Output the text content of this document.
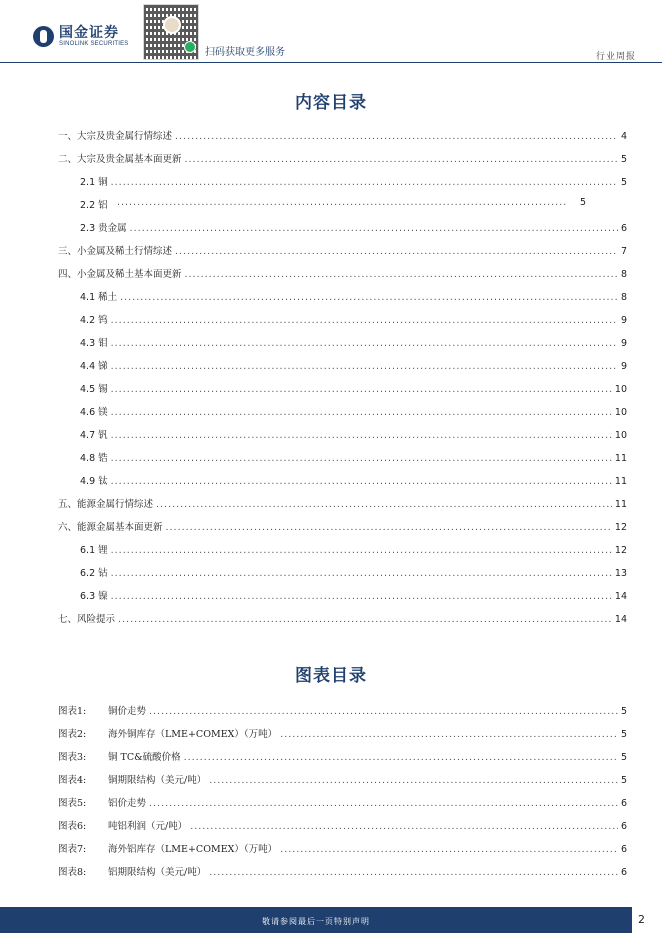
国金证券
SINOLINK SECURITIES
扫码获取更多服务	行业周报
内容目录
一、大宗及贵金属行情综述 .....	4
二、大宗及贵金属基本面更新 .....	5
2.1 铜 .....	5
2.2 铝 .....	5
2.3 贵金属 .....	6
三、小金属及稀土行情综述 .....	7
四、小金属及稀土基本面更新 .....	8
4.1 稀土 .....	8
4.2 钨 .....	9
4.3 钼 .....	9
4.4 锑 .....	9
4.5 锡 .....	10
4.6 镁 .....	10
4.7 钒 .....	10
4.8 锆 .....	11
4.9 钛 .....	11
五、能源金属行情综述 .....	11
六、能源金属基本面更新 .....	12
6.1 锂 .....	12
6.2 钴 .....	13
6.3 镍 .....	14
七、风险提示 .....	14
图表目录
图表1:	铜价走势 .....	5
图表2:	海外铜库存（LME+COMEX）（万吨） .....	5
图表3:	铜 TC&硫酸价格 .....	5
图表4:	铜期限结构（美元/吨） .....	5
图表5:	铝价走势 .....	6
图表6:	吨铝利润（元/吨） .....	6
图表7:	海外铝库存（LME+COMEX）（万吨） .....	6
图表8:	铝期限结构（美元/吨） .....	6
敬请参阅最后一页特别声明	2
